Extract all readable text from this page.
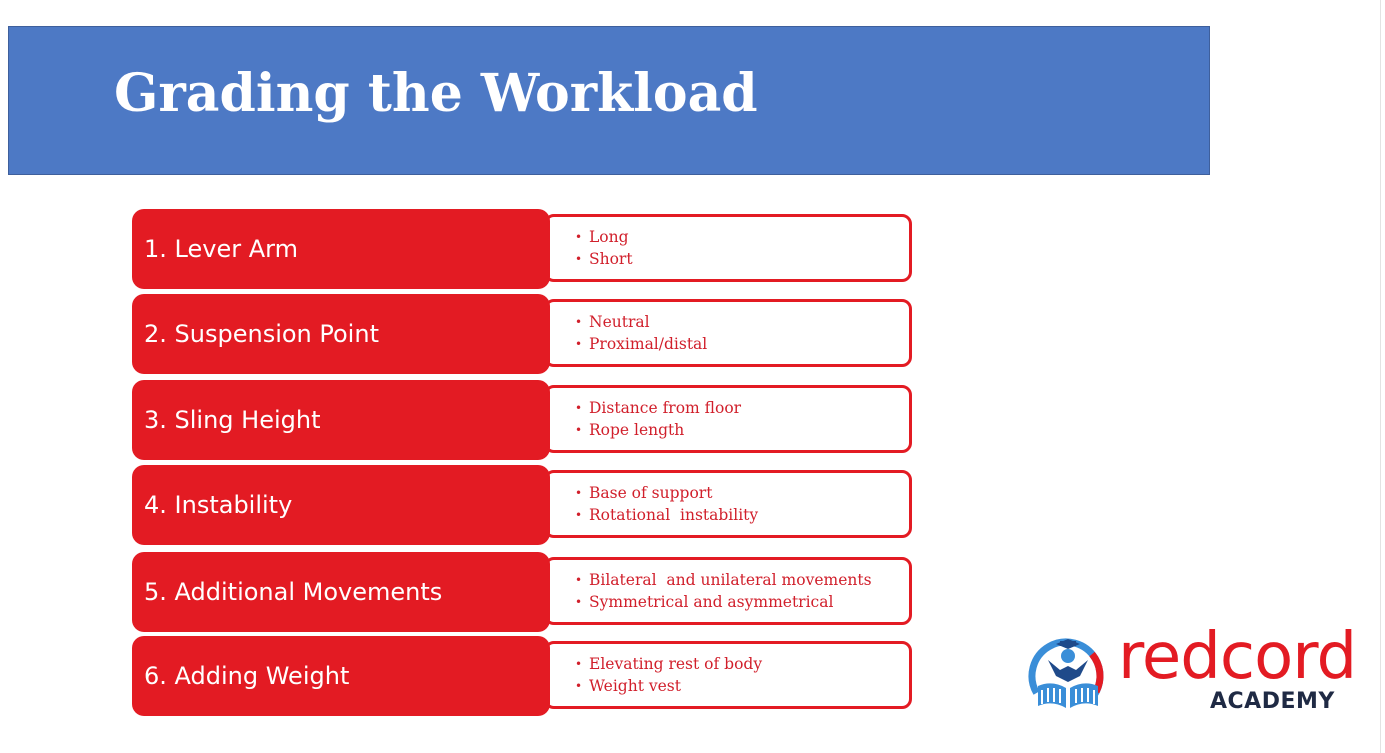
Grading the Workload
1. Lever Arm	• Long
• Short
2. Suspension Point	• Neutral
• Proximal/distal
3. Sling Height	• Distance from floor
• Rope length
4. Instability	• Base of support
• Rotational  instability
5. Additional Movements	• Bilateral  and unilateral movements
• Symmetrical and asymmetrical
6. Adding Weight	• Elevating rest of body
• Weight vest	redcord
ACADEMY
